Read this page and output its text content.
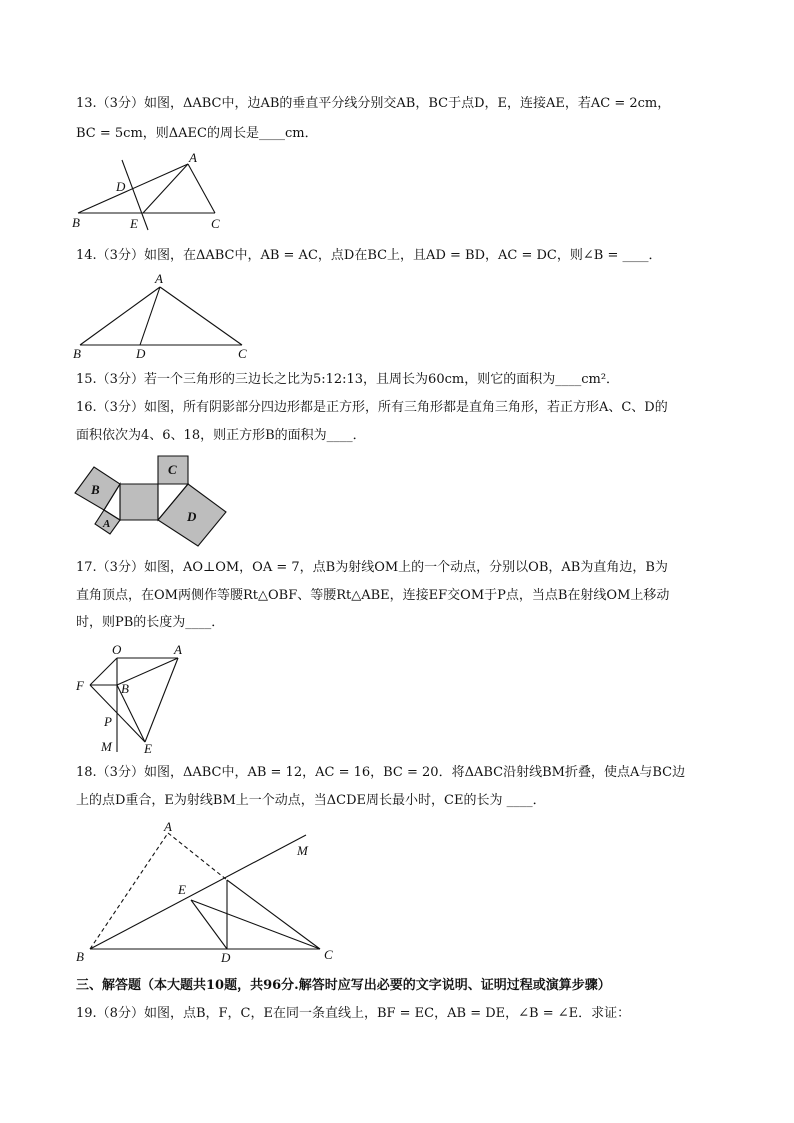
13.（3分）如图，ΔABC中，边AB的垂直平分线分别交AB，BC于点D，E，连接AE，若AC = 2cm，
BC = 5cm，则ΔAEC的周长是____cm．
A
B	C
D
E
14.（3分）如图，在ΔABC中，AB = AC，点D在BC上，且AD = BD，AC = DC，则∠B = ____．
A
B	D	C
15.（3分）若一个三角形的三边长之比为5:12:13，且周长为60cm，则它的面积为____cm²．
16.（3分）如图，所有阴影部分四边形都是正方形，所有三角形都是直角三角形，若正方形A、C、D的
面积依次为4、6、18，则正方形B的面积为____．
C
D
B
A
17.（3分）如图，AO⊥OM，OA = 7，点B为射线OM上的一个动点，分别以OB，AB为直角边，B为
直角顶点，在OM两侧作等腰Rt△OBF、等腰Rt△ABE，连接EF交OM于P点，当点B在射线OM上移动
时，则PB的长度为____．
O	A
F	B
P
M E
18.（3分）如图，ΔABC中，AB = 12，AC = 16，BC = 20．将ΔABC沿射线BM折叠，使点A与BC边
上的点D重合，E为射线BM上一个动点，当ΔCDE周长最小时，CE的长为 ____．
A
M
E
B	D	C
三、解答题（本大题共10题，共96分.解答时应写出必要的文字说明、证明过程或演算步骤）
19.（8分）如图，点B，F，C，E在同一条直线上，BF = EC，AB = DE，∠B = ∠E．求证：
